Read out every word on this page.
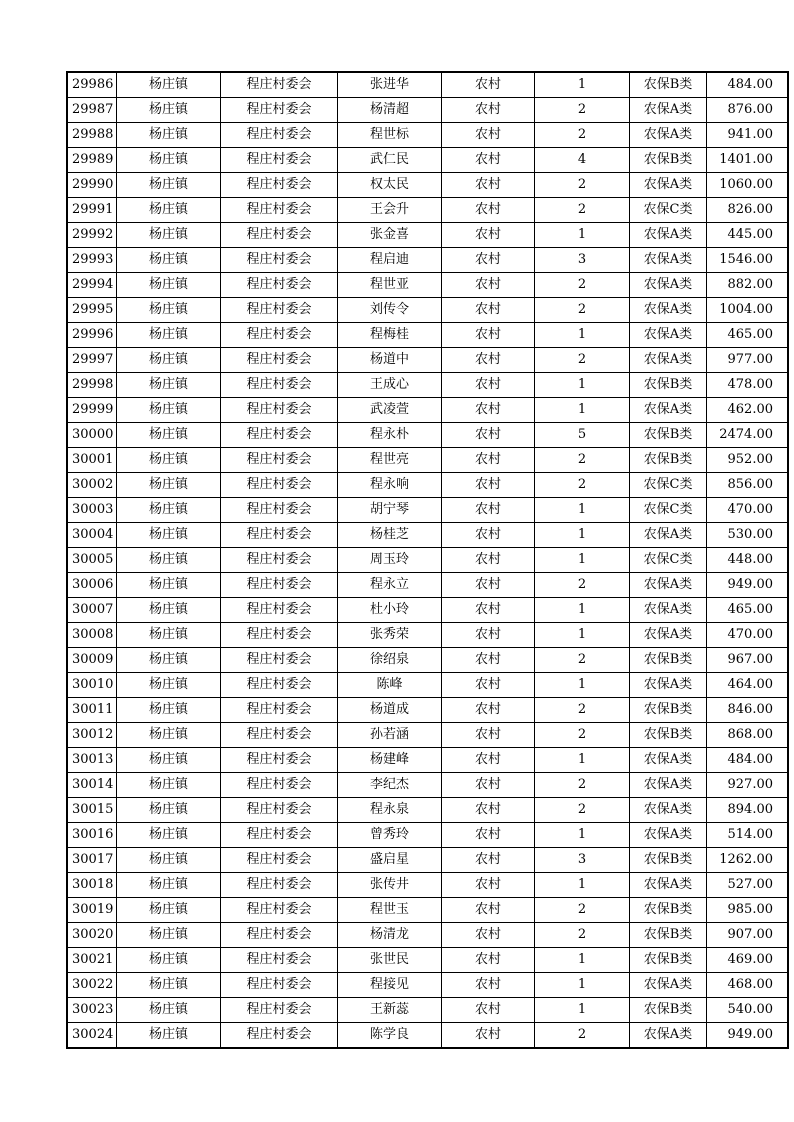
29986	杨庄镇	程庄村委会	张进华	农村	1	农保B类	484.00
29987	杨庄镇	程庄村委会	杨清超	农村	2	农保A类	876.00
29988	杨庄镇	程庄村委会	程世标	农村	2	农保A类	941.00
29989	杨庄镇	程庄村委会	武仁民	农村	4	农保B类	1401.00
29990	杨庄镇	程庄村委会	权太民	农村	2	农保A类	1060.00
29991	杨庄镇	程庄村委会	王会升	农村	2	农保C类	826.00
29992	杨庄镇	程庄村委会	张金喜	农村	1	农保A类	445.00
29993	杨庄镇	程庄村委会	程启迪	农村	3	农保A类	1546.00
29994	杨庄镇	程庄村委会	程世亚	农村	2	农保A类	882.00
29995	杨庄镇	程庄村委会	刘传令	农村	2	农保A类	1004.00
29996	杨庄镇	程庄村委会	程梅桂	农村	1	农保A类	465.00
29997	杨庄镇	程庄村委会	杨道中	农村	2	农保A类	977.00
29998	杨庄镇	程庄村委会	王成心	农村	1	农保B类	478.00
29999	杨庄镇	程庄村委会	武凌萱	农村	1	农保A类	462.00
30000	杨庄镇	程庄村委会	程永朴	农村	5	农保B类	2474.00
30001	杨庄镇	程庄村委会	程世亮	农村	2	农保B类	952.00
30002	杨庄镇	程庄村委会	程永响	农村	2	农保C类	856.00
30003	杨庄镇	程庄村委会	胡宁琴	农村	1	农保C类	470.00
30004	杨庄镇	程庄村委会	杨桂芝	农村	1	农保A类	530.00
30005	杨庄镇	程庄村委会	周玉玲	农村	1	农保C类	448.00
30006	杨庄镇	程庄村委会	程永立	农村	2	农保A类	949.00
30007	杨庄镇	程庄村委会	杜小玲	农村	1	农保A类	465.00
30008	杨庄镇	程庄村委会	张秀荣	农村	1	农保A类	470.00
30009	杨庄镇	程庄村委会	徐绍泉	农村	2	农保B类	967.00
30010	杨庄镇	程庄村委会	陈峰	农村	1	农保A类	464.00
30011	杨庄镇	程庄村委会	杨道成	农村	2	农保B类	846.00
30012	杨庄镇	程庄村委会	孙若涵	农村	2	农保B类	868.00
30013	杨庄镇	程庄村委会	杨建峰	农村	1	农保A类	484.00
30014	杨庄镇	程庄村委会	李纪杰	农村	2	农保A类	927.00
30015	杨庄镇	程庄村委会	程永泉	农村	2	农保A类	894.00
30016	杨庄镇	程庄村委会	曾秀玲	农村	1	农保A类	514.00
30017	杨庄镇	程庄村委会	盛启星	农村	3	农保B类	1262.00
30018	杨庄镇	程庄村委会	张传井	农村	1	农保A类	527.00
30019	杨庄镇	程庄村委会	程世玉	农村	2	农保B类	985.00
30020	杨庄镇	程庄村委会	杨清龙	农村	2	农保B类	907.00
30021	杨庄镇	程庄村委会	张世民	农村	1	农保B类	469.00
30022	杨庄镇	程庄村委会	程接见	农村	1	农保A类	468.00
30023	杨庄镇	程庄村委会	王新蕊	农村	1	农保B类	540.00
30024	杨庄镇	程庄村委会	陈学良	农村	2	农保A类	949.00
